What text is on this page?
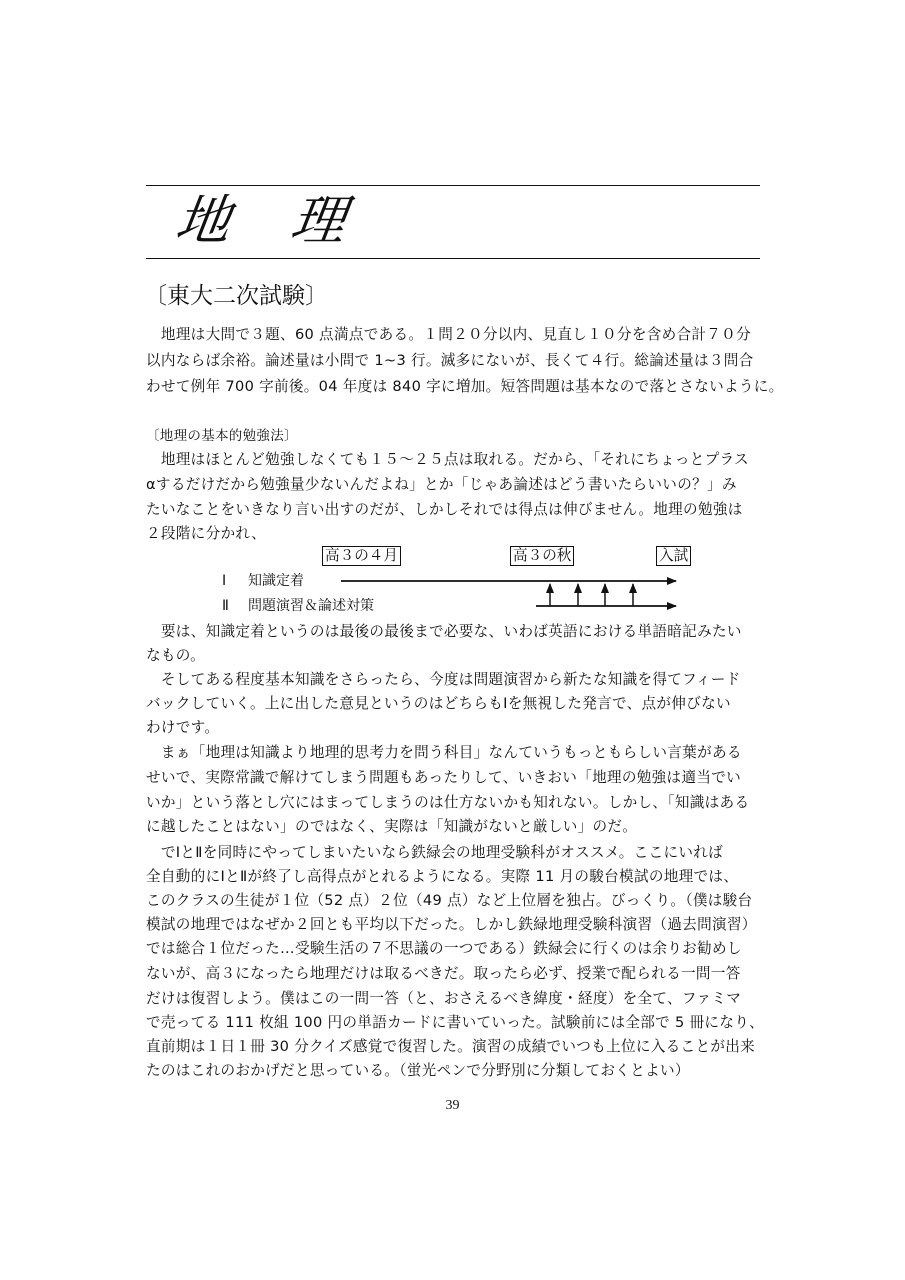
地 理
〔東大二次試験〕
　地理は大問で３題、60 点満点である。１問２０分以内、見直し１０分を含め合計７０分
以内ならば余裕。論述量は小問で 1~3 行。滅多にないが、長くて４行。総論述量は３問合
わせて例年 700 字前後。04 年度は 840 字に増加。短答問題は基本なので落とさないように。
〔地理の基本的勉強法〕
　地理はほとんど勉強しなくても１５～２５点は取れる。だから、「それにちょっとプラス
αするだけだから勉強量少ないんだよね」とか「じゃあ論述はどう書いたらいいの？」み
たいなことをいきなり言い出すのだが、しかしそれでは得点は伸びません。地理の勉強は
２段階に分かれ、
高３の４月	高３の秋	入試
Ⅰ 知識定着
Ⅱ 問題演習＆論述対策
　要は、知識定着というのは最後の最後まで必要な、いわば英語における単語暗記みたい
なもの。
　そしてある程度基本知識をさらったら、今度は問題演習から新たな知識を得てフィード
バックしていく。上に出した意見というのはどちらもⅠを無視した発言で、点が伸びない
わけです。
　まぁ「地理は知識より地理的思考力を問う科目」なんていうもっともらしい言葉がある
せいで、実際常識で解けてしまう問題もあったりして、いきおい「地理の勉強は適当でい
いか」という落とし穴にはまってしまうのは仕方ないかも知れない。しかし、「知識はある
に越したことはない」のではなく、実際は「知識がないと厳しい」のだ。
　でⅠとⅡを同時にやってしまいたいなら鉄緑会の地理受験科がオススメ。ここにいれば
全自動的にⅠとⅡが終了し高得点がとれるようになる。実際 11 月の駿台模試の地理では、
このクラスの生徒が１位（52 点）２位（49 点）など上位層を独占。びっくり。（僕は駿台
模試の地理ではなぜか２回とも平均以下だった。しかし鉄緑地理受験科演習（過去問演習）
では総合１位だった…受験生活の７不思議の一つである）鉄緑会に行くのは余りお勧めし
ないが、高３になったら地理だけは取るべきだ。取ったら必ず、授業で配られる一問一答
だけは復習しよう。僕はこの一問一答（と、おさえるべき緯度・経度）を全て、ファミマ
で売ってる 111 枚組 100 円の単語カードに書いていった。試験前には全部で 5 冊になり、
直前期は１日１冊 30 分クイズ感覚で復習した。演習の成績でいつも上位に入ることが出来
たのはこれのおかげだと思っている。（蛍光ペンで分野別に分類しておくとよい）
39
